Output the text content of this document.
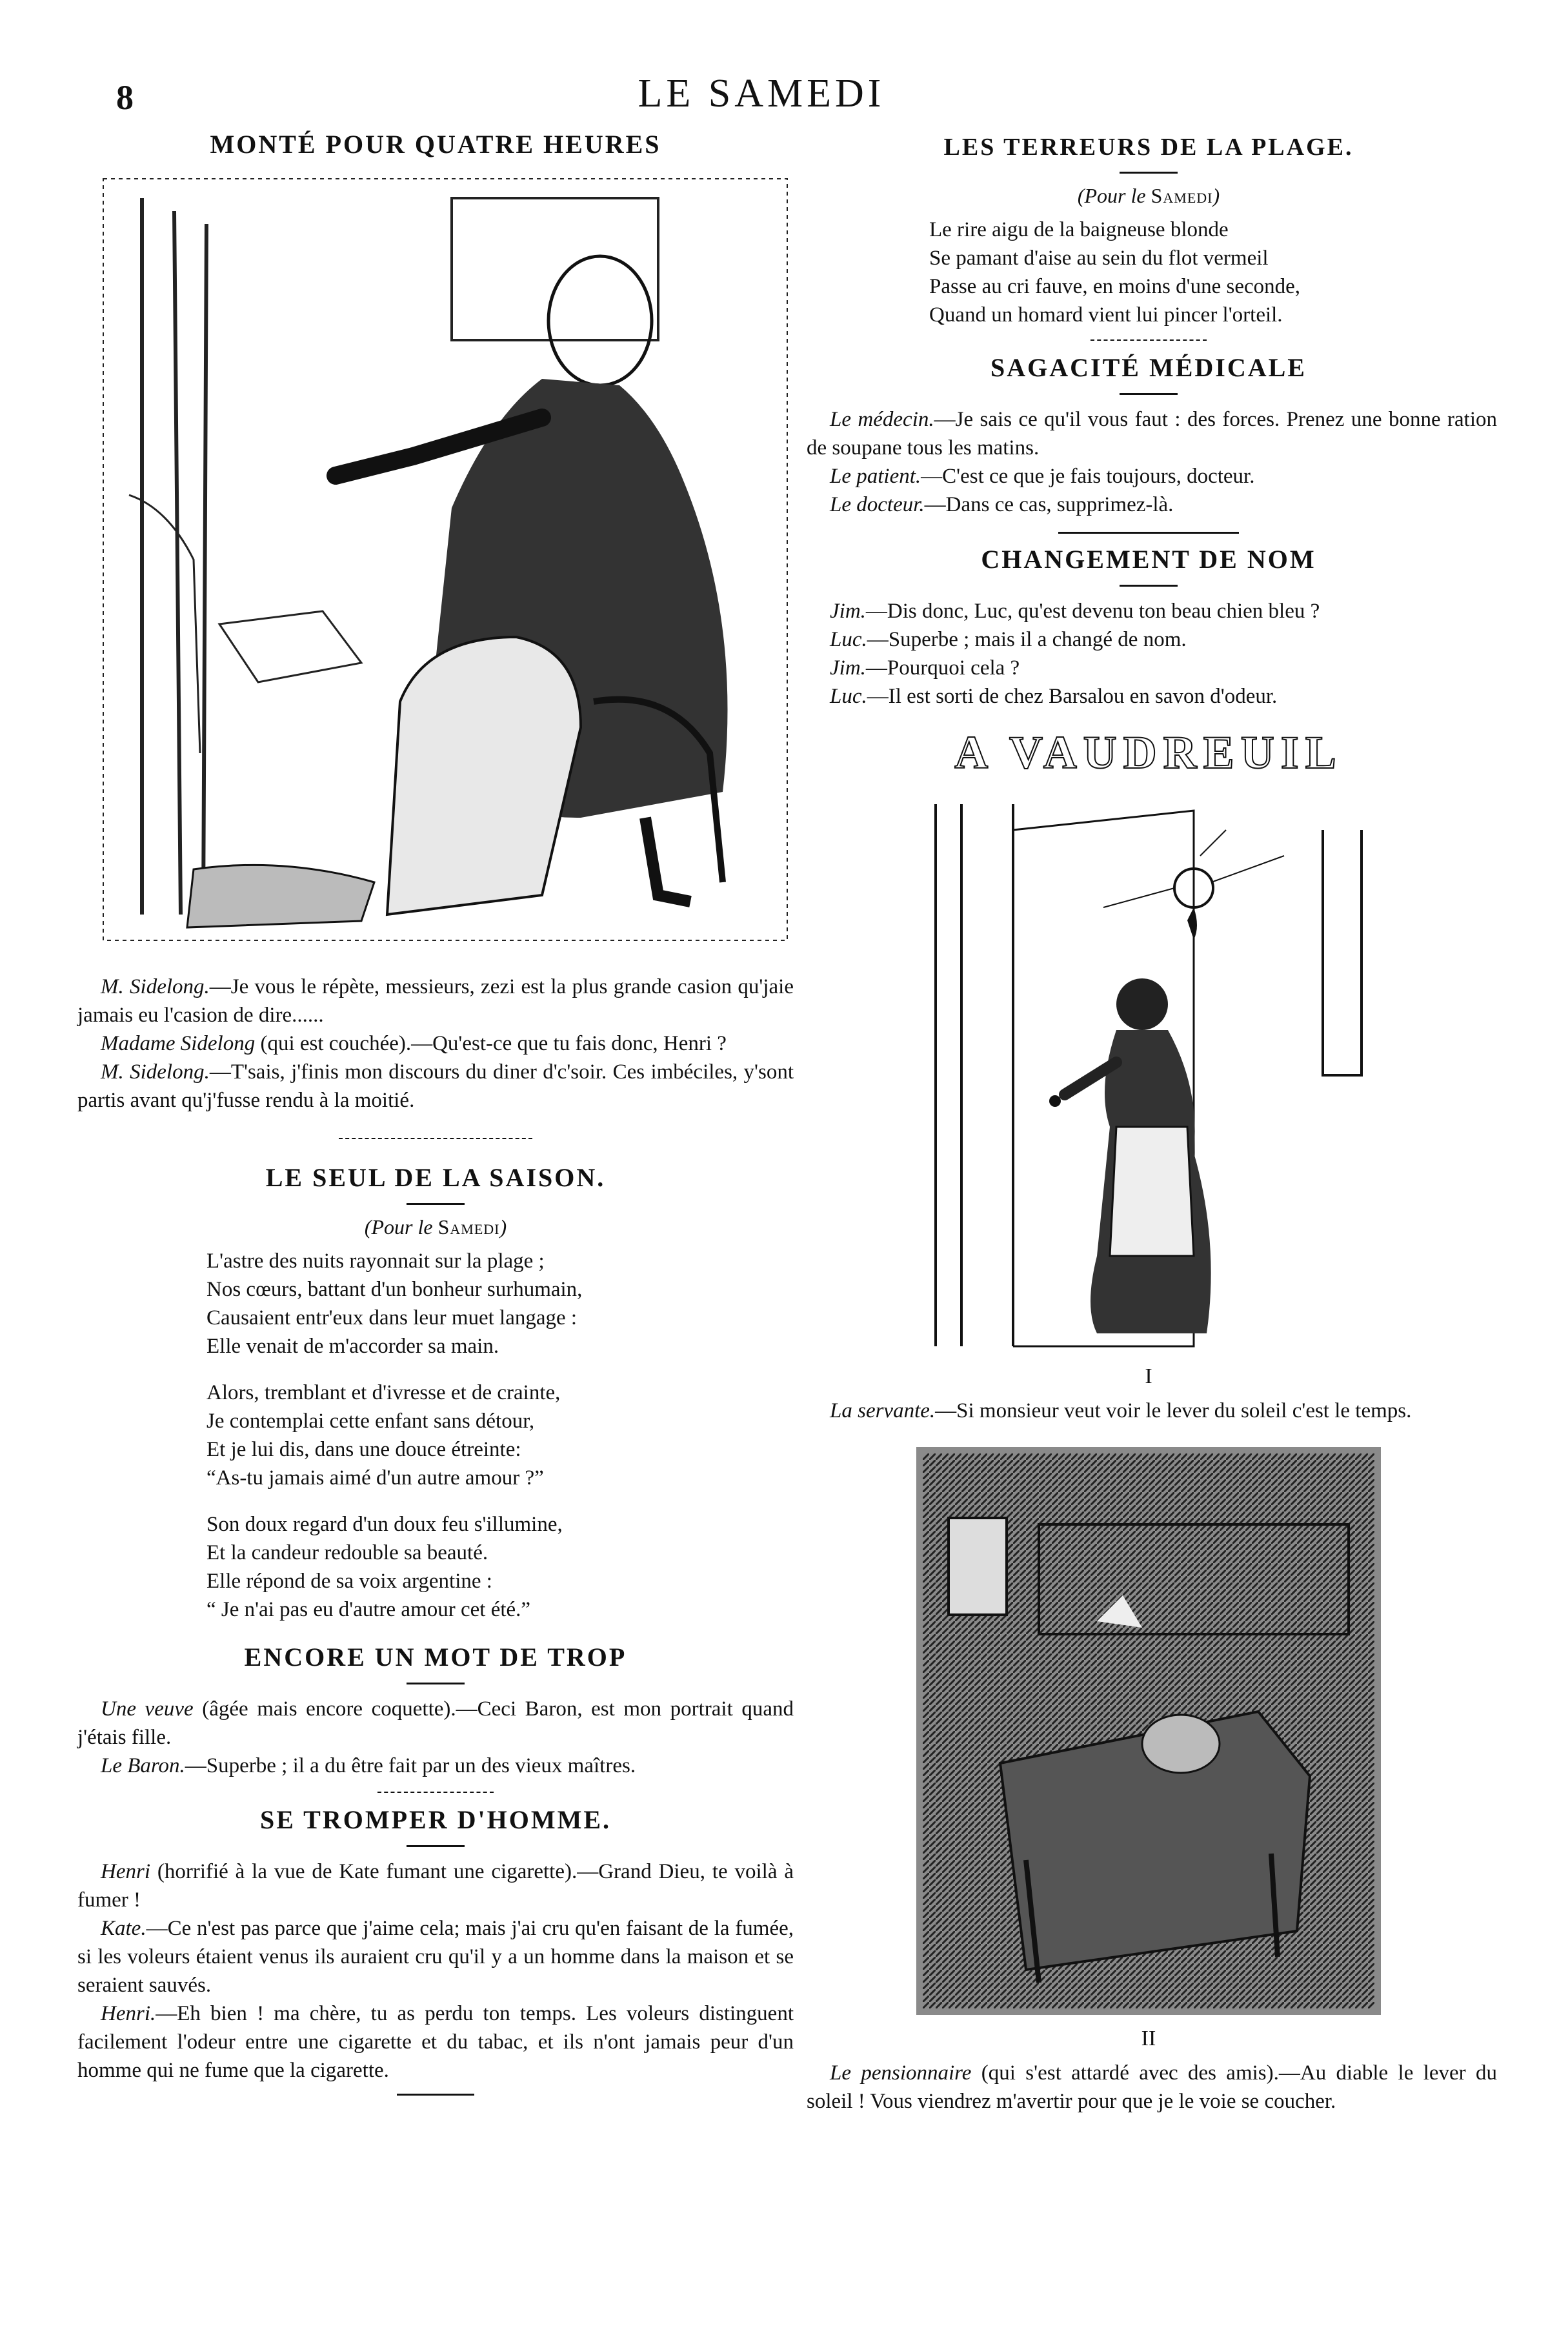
8	LE SAMEDI
MONTÉ POUR QUATRE HEURES

M. Sidelong.—Je vous le répète, messieurs, zezi est la plus grande casion qu'jaie jamais eu l'casion de dire......

Madame Sidelong (qui est couchée).—Qu'est-ce que tu fais donc, Henri ?

M. Sidelong.—T'sais, j'finis mon discours du diner d'c'soir. Ces imbéciles, y'sont partis avant qu'j'fusse rendu à la moitié.

LE SEUL DE LA SAISON.
(Pour le Samedi)
L'astre des nuits rayonnait sur la plage ;
Nos cœurs, battant d'un bonheur surhumain,
Causaient entr'eux dans leur muet langage :
Elle venait de m'accorder sa main.
Alors, tremblant et d'ivresse et de crainte,
Je contemplai cette enfant sans détour,
Et je lui dis, dans une douce étreinte:
“As-tu jamais aimé d'un autre amour ?”
Son doux regard d'un doux feu s'illumine,
Et la candeur redouble sa beauté.
Elle répond de sa voix argentine :
“ Je n'ai pas eu d'autre amour cet été.”
ENCORE UN MOT DE TROP

Une veuve (âgée mais encore coquette).—Ceci Baron, est mon portrait quand j'étais fille.

Le Baron.—Superbe ; il a du être fait par un des vieux maîtres.

SE TROMPER D'HOMME.

Henri (horrifié à la vue de Kate fumant une cigarette).—Grand Dieu, te voilà à fumer !

Kate.—Ce n'est pas parce que j'aime cela; mais j'ai cru qu'en faisant de la fumée, si les voleurs étaient venus ils auraient cru qu'il y a un homme dans la maison et se seraient sauvés.

Henri.—Eh bien ! ma chère, tu as perdu ton temps. Les voleurs distinguent facilement l'odeur entre une cigarette et du tabac, et ils n'ont jamais peur d'un homme qui ne fume que la cigarette.

LES TERREURS DE LA PLAGE.
(Pour le Samedi)
Le rire aigu de la baigneuse blonde
Se pamant d'aise au sein du flot vermeil
Passe au cri fauve, en moins d'une seconde,
Quand un homard vient lui pincer l'orteil.
SAGACITÉ MÉDICALE

Le médecin.—Je sais ce qu'il vous faut : des forces. Prenez une bonne ration de soupane tous les matins.

Le patient.—C'est ce que je fais toujours, docteur.

Le docteur.—Dans ce cas, supprimez-là.

CHANGEMENT DE NOM

Jim.—Dis donc, Luc, qu'est devenu ton beau chien bleu ?

Luc.—Superbe ; mais il a changé de nom.

Jim.—Pourquoi cela ?

Luc.—Il est sorti de chez Barsalou en savon d'odeur.

A VAUDREUIL
I

La servante.—Si monsieur veut voir le lever du soleil c'est le temps.

II

Le pensionnaire (qui s'est attardé avec des amis).—Au diable le lever du soleil ! Vous viendrez m'avertir pour que je le voie se coucher.
